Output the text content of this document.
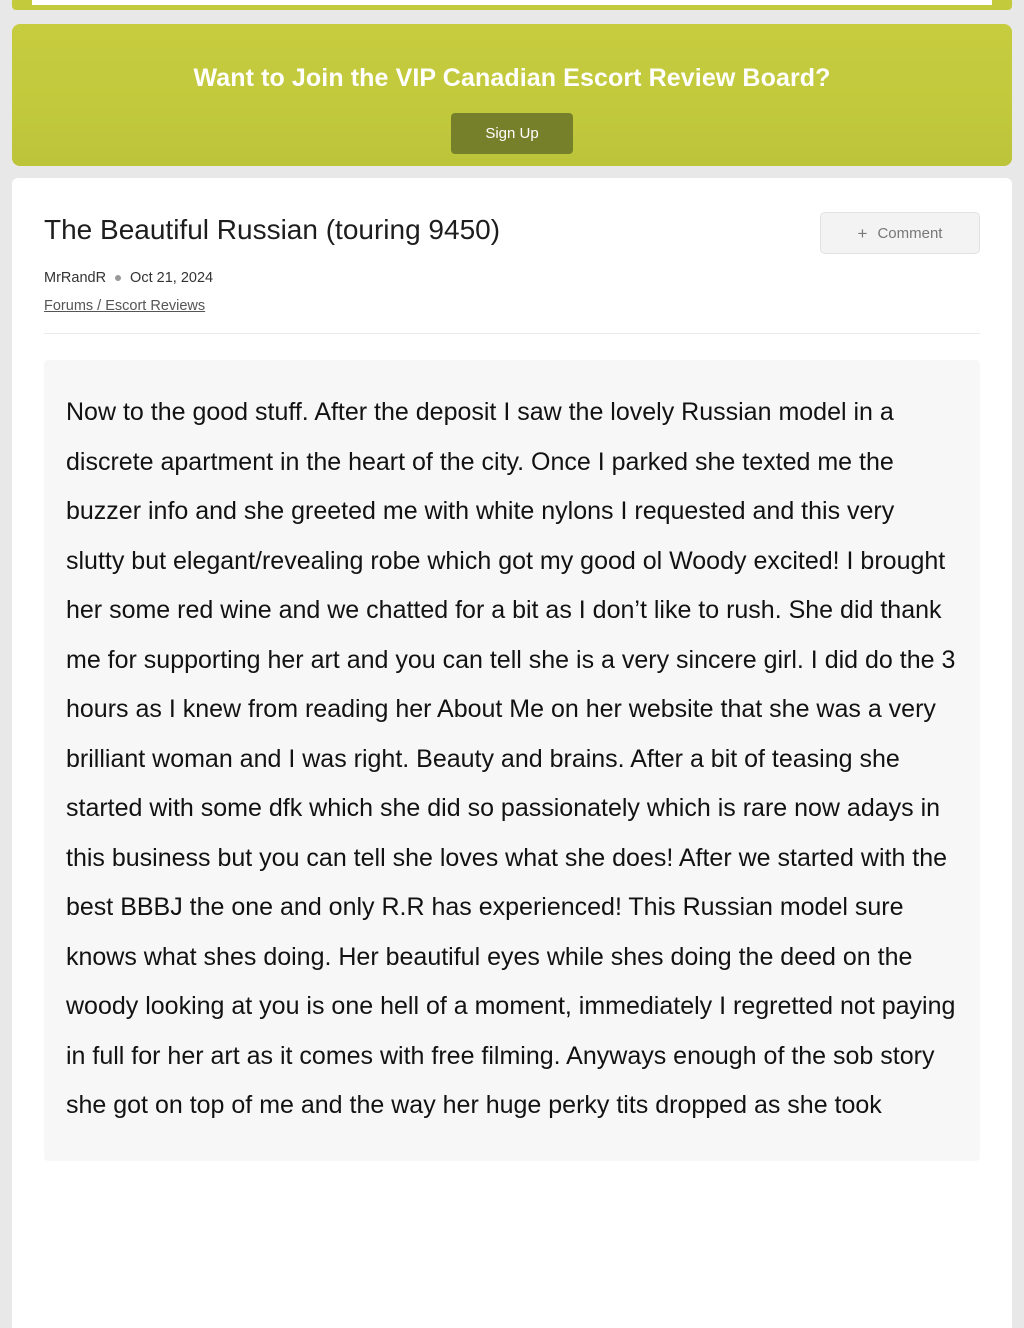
Want to Join the VIP Canadian Escort Review Board?
Sign Up
The Beautiful Russian (touring 9450)	+ Comment
MrRandR Oct 21, 2024
Forums / Escort Reviews

Now to the good stuff. After the deposit I saw the lovely Russian model in a discrete apartment in the heart of the city. Once I parked she texted me the buzzer info and she greeted me with white nylons I requested and this very slutty but elegant/revealing robe which got my good ol Woody excited! I brought her some red wine and we chatted for a bit as I don’t like to rush. She did thank me for supporting her art and you can tell she is a very sincere girl. I did do the 3 hours as I knew from reading her About Me on her website that she was a very brilliant woman and I was right. Beauty and brains. After a bit of teasing she started with some dfk which she did so passionately which is rare now adays in this business but you can tell she loves what she does! After we started with the best BBBJ the one and only R.R has experienced! This Russian model sure knows what shes doing. Her beautiful eyes while shes doing the deed on the woody looking at you is one hell of a moment, immediately I regretted not paying in full for her art as it comes with free filming. Anyways enough of the sob story she got on top of me and the way her huge perky tits dropped as she took
